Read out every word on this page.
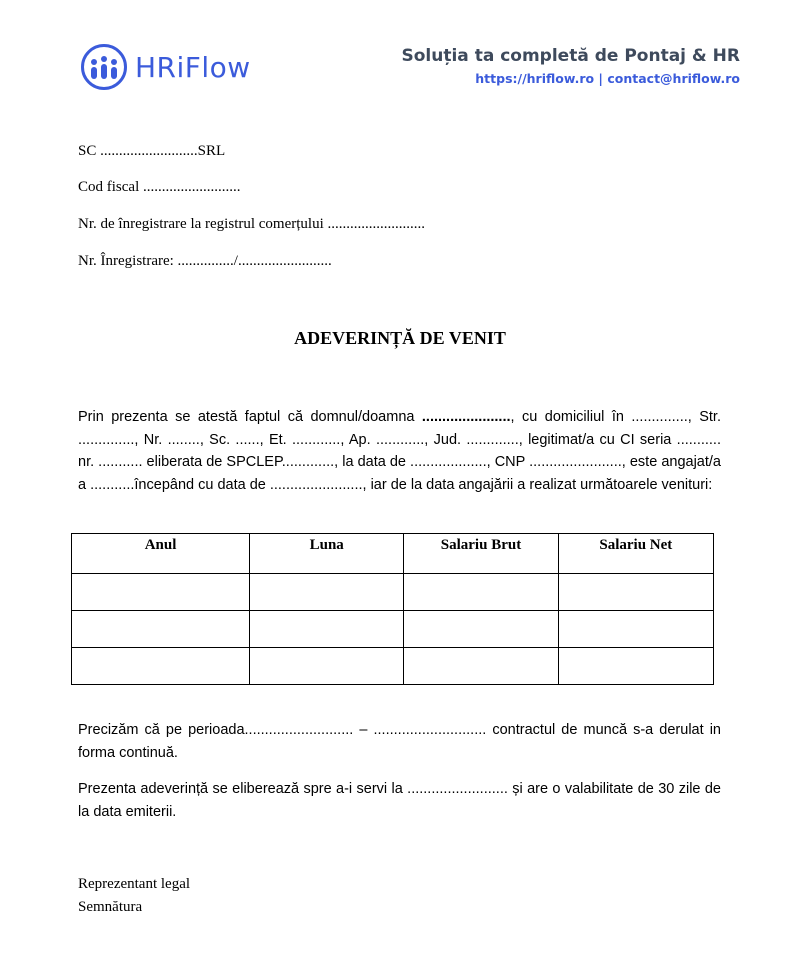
HRiFlow	Soluția ta completă de Pontaj & HR
https://hriflow.ro | contact@hriflow.ro
SC ..........................SRL
Cod fiscal ..........................
Nr. de înregistrare la registrul comerțului ..........................
Nr. Înregistrare: .............../.........................
ADEVERINȚĂ DE VENIT
Prin prezenta se atestă faptul că domnul/doamna ......................, cu domiciliul în .............., Str. .............., Nr. ........, Sc. ......, Et. ............, Ap. ............, Jud. ............., legitimat/a cu CI seria ........... nr. ........... eliberata de SPCLEP............., la data de ..................., CNP ......................., este angajat/a a ...........începând cu data de ......................., iar de la data angajării a realizat următoarele venituri:
Anul	Luna	Salariu Brut	Salariu Net

Precizăm că pe perioada........................... – ............................ contractul de muncă s-a derulat in forma continuă.
Prezenta adeverință se eliberează spre a-i servi la ......................... și are o valabilitate de 30 zile de la data emiterii.
Reprezentant legal
Semnătura
